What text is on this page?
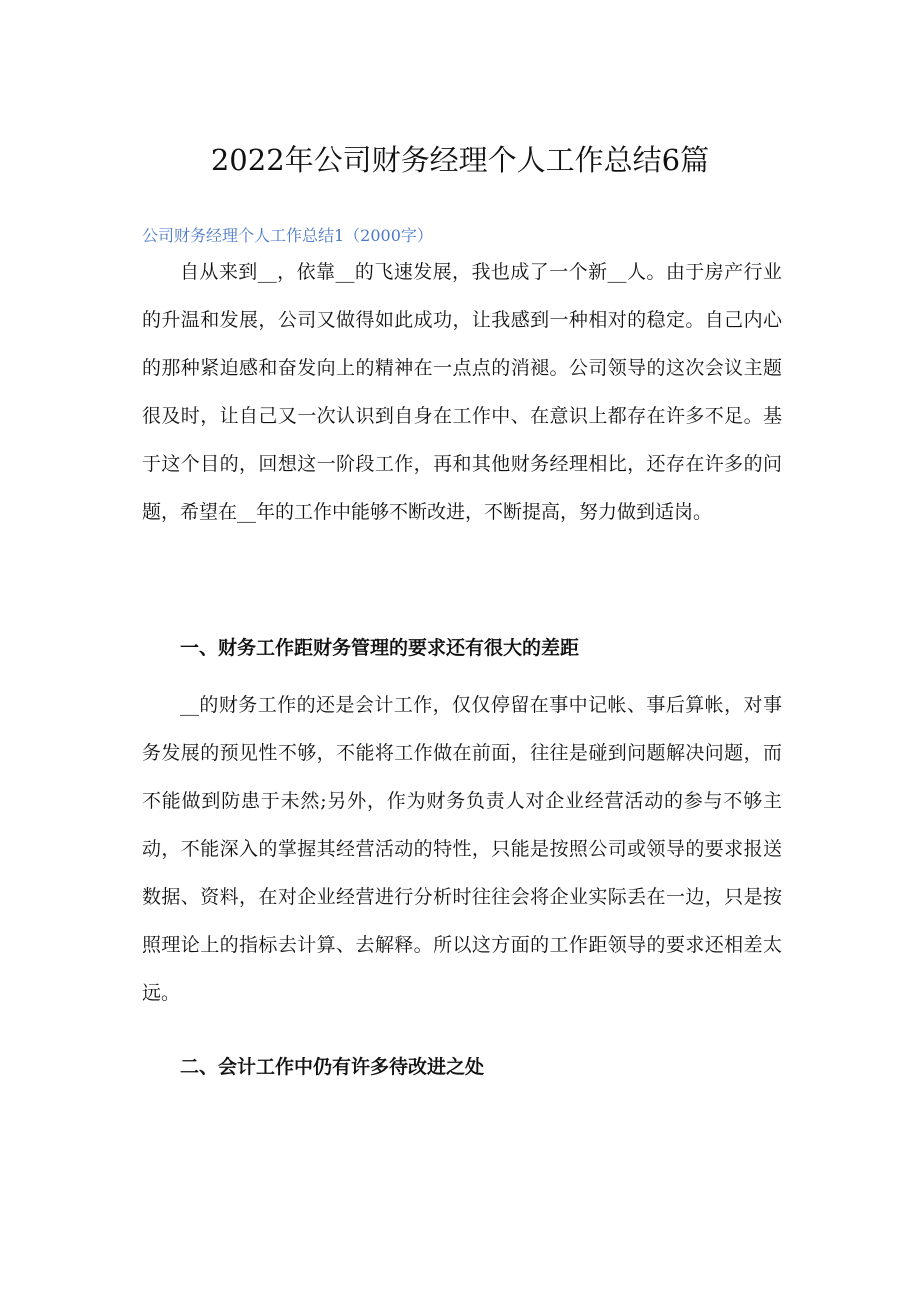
2022年公司财务经理个人工作总结6篇

公司财务经理个人工作总结1（2000字）

自从来到__，依靠__的飞速发展，我也成了一个新__人。由于房产行业的升温和发展，公司又做得如此成功，让我感到一种相对的稳定。自己内心的那种紧迫感和奋发向上的精神在一点点的消褪。公司领导的这次会议主题很及时，让自己又一次认识到自身在工作中、在意识上都存在许多不足。基于这个目的，回想这一阶段工作，再和其他财务经理相比，还存在许多的问题，希望在__年的工作中能够不断改进，不断提高，努力做到适岗。

一、财务工作距财务管理的要求还有很大的差距

__的财务工作的还是会计工作，仅仅停留在事中记帐、事后算帐，对事务发展的预见性不够，不能将工作做在前面，往往是碰到问题解决问题，而不能做到防患于未然;另外，作为财务负责人对企业经营活动的参与不够主动，不能深入的掌握其经营活动的特性，只能是按照公司或领导的要求报送数据、资料，在对企业经营进行分析时往往会将企业实际丢在一边，只是按照理论上的指标去计算、去解释。所以这方面的工作距领导的要求还相差太远。

二、会计工作中仍有许多待改进之处
